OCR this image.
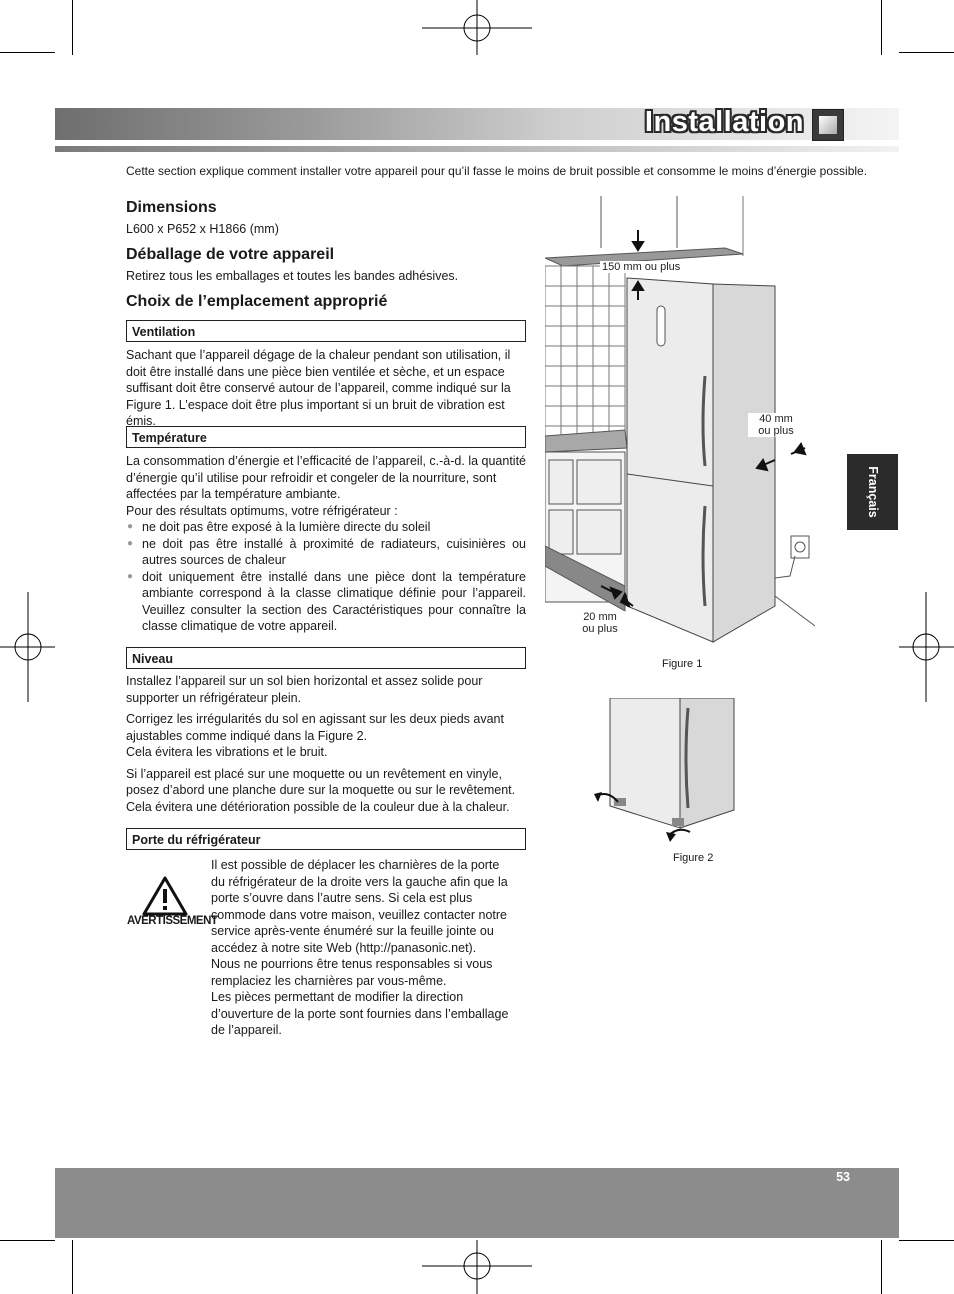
Installation
Cette section explique comment installer votre appareil pour qu’il fasse le moins de bruit possible et consomme le moins d’énergie possible.
Dimensions
L600 x P652 x H1866 (mm)
Déballage de votre appareil
Retirez tous les emballages et toutes les bandes adhésives.
Choix de l’emplacement approprié
Ventilation
Sachant que l’appareil dégage de la chaleur pendant son utilisation, il doit être installé dans une pièce bien ventilée et sèche, et un espace suffisant doit être conservé autour de l’appareil, comme indiqué sur la Figure 1. L’espace doit être plus important si un bruit de vibration est émis.
Température
La consommation d’énergie et l’efficacité de l’appareil, c.-à-d. la quantité d’énergie qu’il utilise pour refroidir et congeler de la nourriture, sont affectées par la température ambiante.
Pour des résultats optimums, votre réfrigérateur :
● ne doit pas être exposé à la lumière directe du soleil
● ne doit pas être installé à proximité de radiateurs, cuisinières ou autres sources de chaleur
● doit uniquement être installé dans une pièce dont la température ambiante correspond à la classe climatique définie pour l’appareil. Veuillez consulter la section des Caractéristiques pour connaître la classe climatique de votre appareil.
Niveau
Installez l’appareil sur un sol bien horizontal et assez solide pour supporter un réfrigérateur plein.
Corrigez les irrégularités du sol en agissant sur les deux pieds avant ajustables comme indiqué dans la Figure 2.
Cela évitera les vibrations et le bruit.
Si l’appareil est placé sur une moquette ou un revêtement en vinyle, posez d’abord une planche dure sur la moquette ou sur le revêtement. Cela évitera une détérioration possible de la couleur due à la chaleur.
Porte du réfrigérateur
AVERTISSEMENT
Il est possible de déplacer les charnières de la porte du réfrigérateur de la droite vers la gauche afin que la porte s’ouvre dans l’autre sens. Si cela est plus commode dans votre maison, veuillez contacter notre service après-vente énuméré sur la feuille jointe ou accédez à notre site Web (http://panasonic.net).
Nous ne pourrions être tenus responsables si vous remplaciez les charnières par vous-même.
Les pièces permettant de modifier la direction d’ouverture de la porte sont fournies dans l’emballage de l’appareil.
150 mm ou plus
40 mm
ou plus
20 mm
ou plus
Figure 1
Figure 2
Français
53
